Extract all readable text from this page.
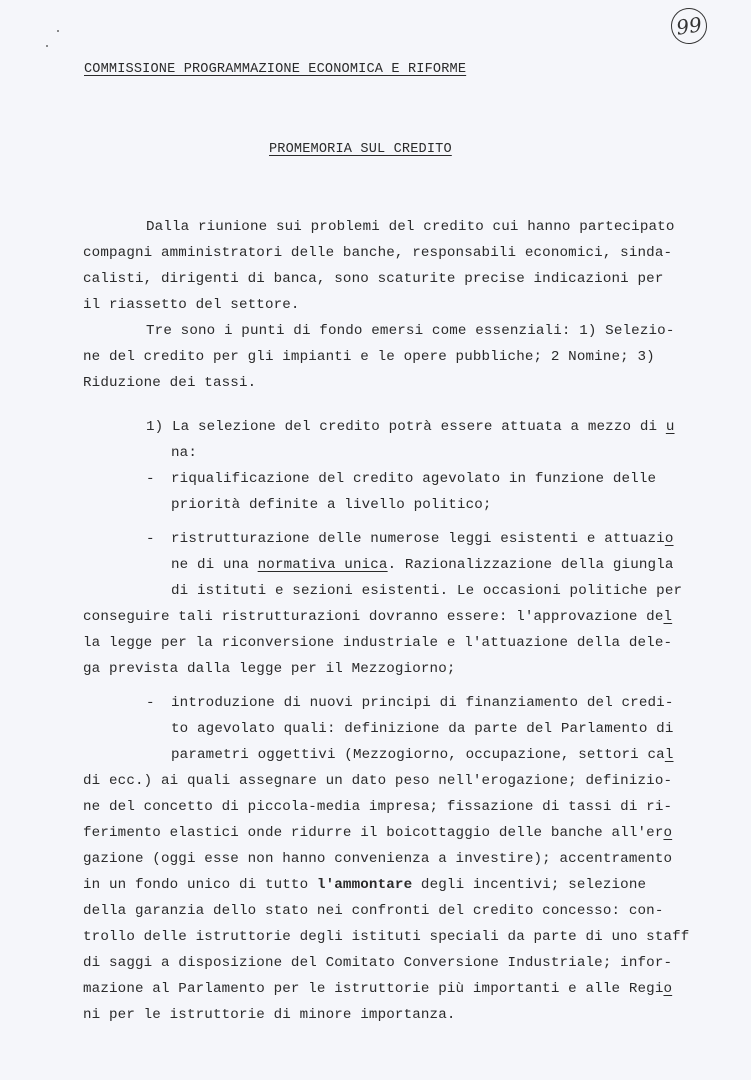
99
COMMISSIONE PROGRAMMAZIONE ECONOMICA E RIFORME
PROMEMORIA SUL CREDITO
Dalla riunione sui problemi del credito cui hanno partecipato
compagni amministratori delle banche, responsabili economici, sinda-
calisti, dirigenti di banca, sono scaturite precise indicazioni per
il riassetto del settore.
Tre sono i punti di fondo emersi come essenziali: 1) Selezio-
ne del credito per gli impianti e le opere pubbliche; 2 Nomine; 3)
Riduzione dei tassi.
1) La selezione del credito potrà essere attuata a mezzo di u
na:
- riqualificazione del credito agevolato in funzione delle
priorità definite a livello politico;
- ristrutturazione delle numerose leggi esistenti e attuazio
ne di una normativa unica. Razionalizzazione della giungla
di istituti e sezioni esistenti. Le occasioni politiche per
conseguire tali ristrutturazioni dovranno essere: l'approvazione del
la legge per la riconversione industriale e l'attuazione della dele-
ga prevista dalla legge per il Mezzogiorno;
- introduzione di nuovi principi di finanziamento del credi-
to agevolato quali: definizione da parte del Parlamento di
parametri oggettivi (Mezzogiorno, occupazione, settori cal
di ecc.) ai quali assegnare un dato peso nell'erogazione; definizio-
ne del concetto di piccola-media impresa; fissazione di tassi di ri-
ferimento elastici onde ridurre il boicottaggio delle banche all'ero
gazione (oggi esse non hanno convenienza a investire); accentramento
in un fondo unico di tutto l'ammontare degli incentivi; selezione
della garanzia dello stato nei confronti del credito concesso: con-
trollo delle istruttorie degli istituti speciali da parte di uno staff
di saggi a disposizione del Comitato Conversione Industriale; infor-
mazione al Parlamento per le istruttorie più importanti e alle Regio
ni per le istruttorie di minore importanza.
